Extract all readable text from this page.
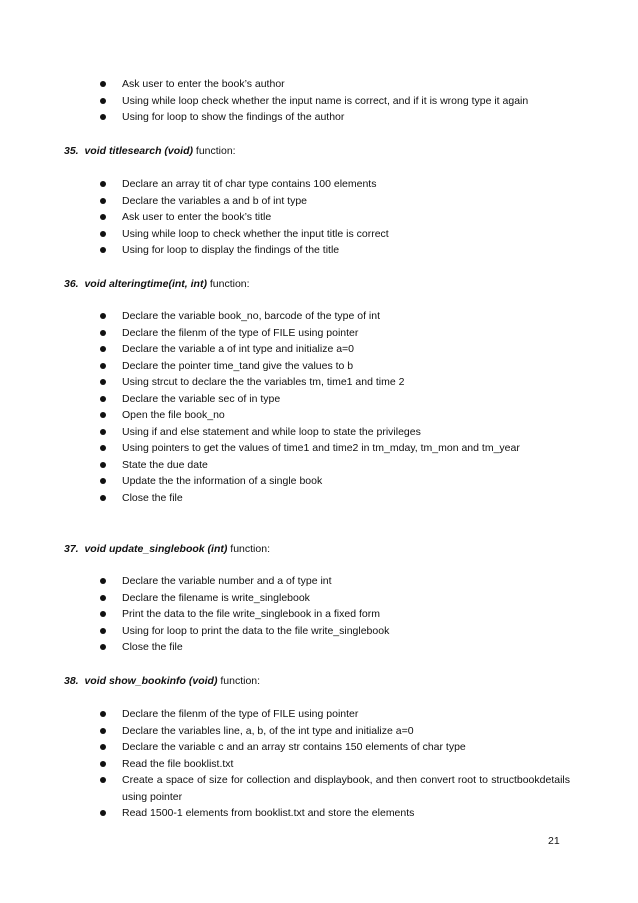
Ask user to enter the book’s author
Using while loop check whether the input name is correct, and if it is wrong type it again
Using for loop to show the findings of the author
35. void titlesearch (void) function:
Declare an array tit of char type contains 100 elements
Declare the variables a and b of int type
Ask user to enter the book’s title
Using while loop to check whether the input title is correct
Using for loop to display the findings of the title
36. void alteringtime(int, int) function:
Declare the variable book_no, barcode of the type of int
Declare the filenm of the type of FILE using pointer
Declare the variable a of int type and initialize a=0
Declare the pointer time_tand give the values to b
Using strcut to declare the the variables tm, time1 and time 2
Declare the variable sec of in type
Open the file book_no
Using if and else statement and while loop to state the privileges
Using pointers to get the values of time1 and time2 in tm_mday, tm_mon and tm_year
State the due date
Update the the information of a single book
Close the file
37. void update_singlebook (int) function:
Declare the variable number and a of type int
Declare the filename is write_singlebook
Print the data to the file write_singlebook in a fixed form
Using for loop to print the data to the file write_singlebook
Close the file
38. void show_bookinfo (void) function:
Declare the filenm of the type of FILE using pointer
Declare the variables line, a, b, of the int type and initialize a=0
Declare the variable c and an array str contains 150 elements of char type
Read the file booklist.txt
Create a space of size for collection and displaybook, and then convert root to structbookdetails using pointer
Read 1500-1 elements from booklist.txt and store the elements
21
